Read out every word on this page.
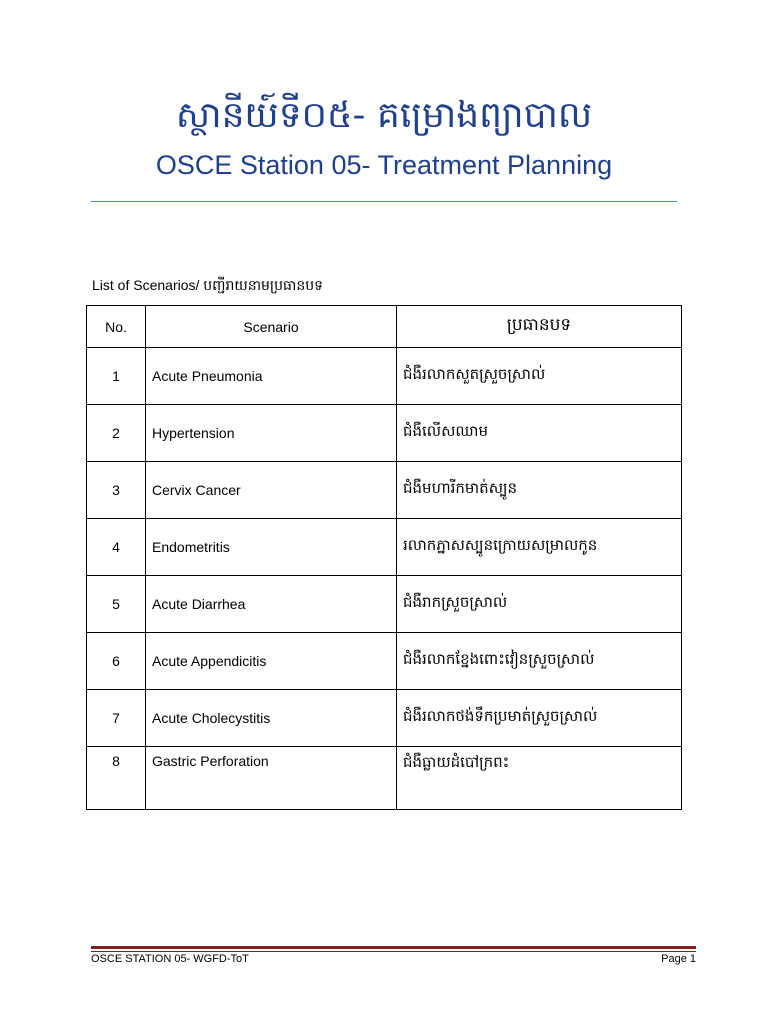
ស្ថានីយ៍ទី០៥- គម្រោងព្យាបាល
OSCE Station 05- Treatment Planning
List of Scenarios/ បញ្ជីរាយនាមប្រធានបទ
No.	Scenario	ប្រធានបទ
1	Acute Pneumonia	ជំងឺរលាកសួតស្រួចស្រាល់
2	Hypertension	ជំងឺលើសឈាម
3	Cervix Cancer	ជំងឺមហារីកមាត់ស្បូន
4	Endometritis	រលាកភ្នាសស្បូនក្រោយសម្រាលកូន
5	Acute Diarrhea	ជំងឺរាកស្រួចស្រាល់
6	Acute Appendicitis	ជំងឺរលាកខ្នែងពោះវៀនស្រួចស្រាល់
7	Acute Cholecystitis	ជំងឺរលាកថង់ទឹកប្រមាត់ស្រួចស្រាល់
8	Gastric Perforation	ជំងឺធ្លាយដំបៅក្រពះ
OSCE STATION 05- WGFD-ToT	Page 1
